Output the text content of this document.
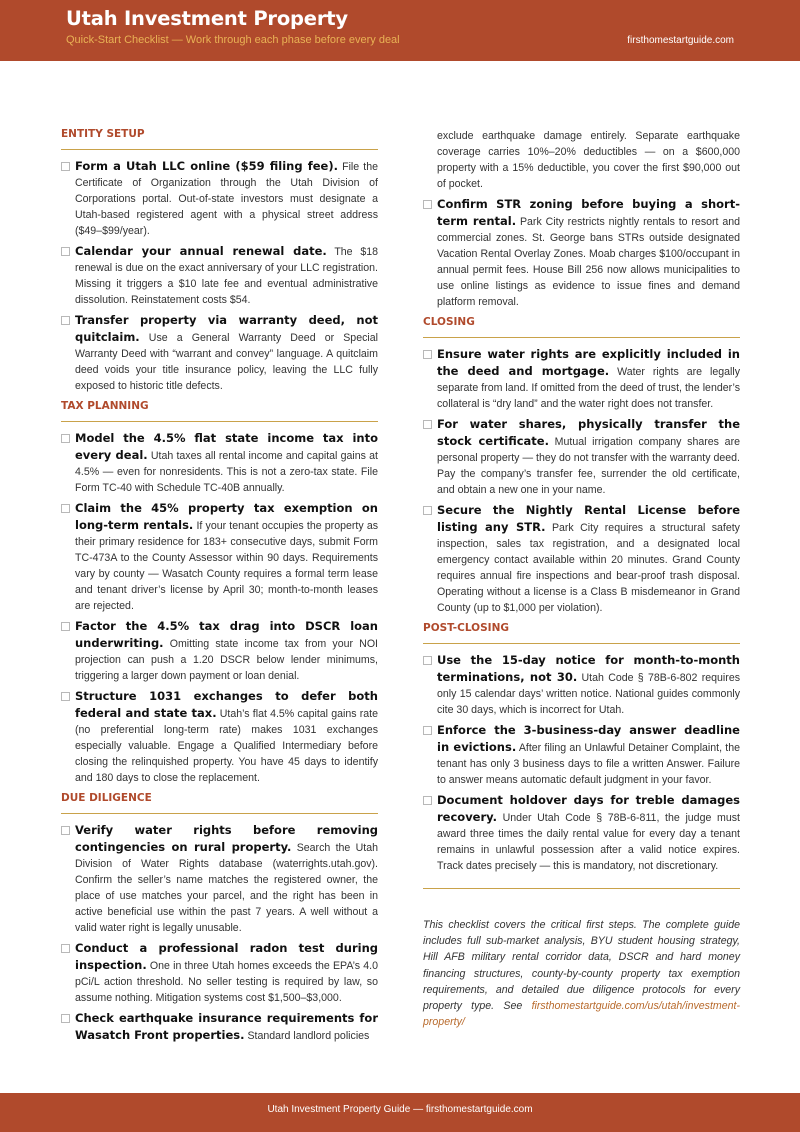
Utah Investment Property
Quick-Start Checklist — Work through each phase before every deal	firsthomestartguide.com
ENTITY SETUP
Form a Utah LLC online ($59 filing fee). File the Certificate of Organization through the Utah Division of Corporations portal. Out-of-state investors must designate a Utah-based registered agent with a physical street address ($49–$99/year).
Calendar your annual renewal date. The $18 renewal is due on the exact anniversary of your LLC registration. Missing it triggers a $10 late fee and eventual administrative dissolution. Reinstatement costs $54.
Transfer property via warranty deed, not quitclaim. Use a General Warranty Deed or Special Warranty Deed with “warrant and convey” language. A quitclaim deed voids your title insurance policy, leaving the LLC fully exposed to historic title defects.
TAX PLANNING
Model the 4.5% flat state income tax into every deal. Utah taxes all rental income and capital gains at 4.5% — even for nonresidents. This is not a zero-tax state. File Form TC-40 with Schedule TC-40B annually.
Claim the 45% property tax exemption on long-term rentals. If your tenant occupies the property as their primary residence for 183+ consecutive days, submit Form TC-473A to the County Assessor within 90 days. Requirements vary by county — Wasatch County requires a formal term lease and tenant driver’s license by April 30; month-to-month leases are rejected.
Factor the 4.5% tax drag into DSCR loan underwriting. Omitting state income tax from your NOI projection can push a 1.20 DSCR below lender minimums, triggering a larger down payment or loan denial.
Structure 1031 exchanges to defer both federal and state tax. Utah’s flat 4.5% capital gains rate (no preferential long-term rate) makes 1031 exchanges especially valuable. Engage a Qualified Intermediary before closing the relinquished property. You have 45 days to identify and 180 days to close the replacement.
DUE DILIGENCE
Verify water rights before removing contingencies on rural property. Search the Utah Division of Water Rights database (waterrights.utah.gov). Confirm the seller’s name matches the registered owner, the place of use matches your parcel, and the right has been in active beneficial use within the past 7 years. A well without a valid water right is legally unusable.
Conduct a professional radon test during inspection. One in three Utah homes exceeds the EPA’s 4.0 pCi/L action threshold. No seller testing is required by law, so assume nothing. Mitigation systems cost $1,500–$3,000.
Check earthquake insurance requirements for Wasatch Front properties. Standard landlord policies
exclude earthquake damage entirely. Separate earthquake coverage carries 10%–20% deductibles — on a $600,000 property with a 15% deductible, you cover the first $90,000 out of pocket.
Confirm STR zoning before buying a short-term rental. Park City restricts nightly rentals to resort and commercial zones. St. George bans STRs outside designated Vacation Rental Overlay Zones. Moab charges $100/occupant in annual permit fees. House Bill 256 now allows municipalities to use online listings as evidence to issue fines and demand platform removal.
CLOSING
Ensure water rights are explicitly included in the deed and mortgage. Water rights are legally separate from land. If omitted from the deed of trust, the lender’s collateral is “dry land” and the water right does not transfer.
For water shares, physically transfer the stock certificate. Mutual irrigation company shares are personal property — they do not transfer with the warranty deed. Pay the company’s transfer fee, surrender the old certificate, and obtain a new one in your name.
Secure the Nightly Rental License before listing any STR. Park City requires a structural safety inspection, sales tax registration, and a designated local emergency contact available within 20 minutes. Grand County requires annual fire inspections and bear-proof trash disposal. Operating without a license is a Class B misdemeanor in Grand County (up to $1,000 per violation).
POST-CLOSING
Use the 15-day notice for month-to-month terminations, not 30. Utah Code § 78B-6-802 requires only 15 calendar days’ written notice. National guides commonly cite 30 days, which is incorrect for Utah.
Enforce the 3-business-day answer deadline in evictions. After filing an Unlawful Detainer Complaint, the tenant has only 3 business days to file a written Answer. Failure to answer means automatic default judgment in your favor.
Document holdover days for treble damages recovery. Under Utah Code § 78B-6-811, the judge must award three times the daily rental value for every day a tenant remains in unlawful possession after a valid notice expires. Track dates precisely — this is mandatory, not discretionary.
This checklist covers the critical first steps. The complete guide includes full sub-market analysis, BYU student housing strategy, Hill AFB military rental corridor data, DSCR and hard money financing structures, county-by-county property tax exemption requirements, and detailed due diligence protocols for every property type. See firsthomestartguide.com/us/utah/investment-property/
Utah Investment Property Guide — firsthomestartguide.com
